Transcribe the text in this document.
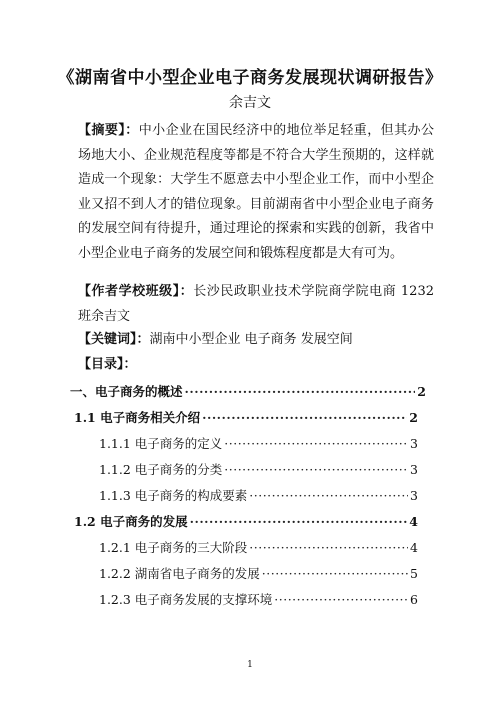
《湖南省中小型企业电子商务发展现状调研报告》
余吉文
【摘要】：中小企业在国民经济中的地位举足轻重，但其办公场地大小、企业规范程度等都是不符合大学生预期的，这样就造成一个现象：大学生不愿意去中小型企业工作，而中小型企业又招不到人才的错位现象。目前湖南省中小型企业电子商务的发展空间有待提升，通过理论的探索和实践的创新，我省中小型企业电子商务的发展空间和锻炼程度都是大有可为。
【作者学校班级】：长沙民政职业技术学院商学院电商 1232 班余吉文
【关键词】：湖南中小型企业 电子商务 发展空间
【目录】：
一、电子商务的概述 ·····	2
1.1 电子商务相关介绍 ·····	2
1.1.1 电子商务的定义 ·····	3
1.1.2 电子商务的分类 ·····	3
1.1.3 电子商务的构成要素 ·····	3
1.2 电子商务的发展 ·····	4
1.2.1 电子商务的三大阶段 ·····	4
1.2.2 湖南省电子商务的发展 ·····	5
1.2.3 电子商务发展的支撑环境 ·····	6
1
